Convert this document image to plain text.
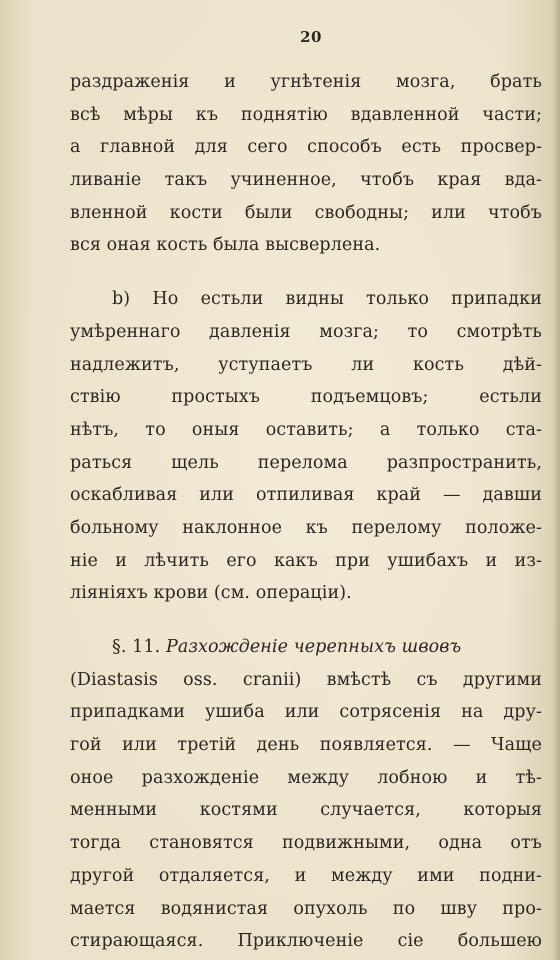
20
раздраженія и угнѣтенія мозга, брать
всѣ мѣры къ поднятію вдавленной части;
а главной для сего способъ есть просвер-
ливаніе такъ учиненное, чтобъ края вда-
вленной кости были свободны; или чтобъ
вся оная кость была высверлена.
b) Но естьли видны только припадки
умѣреннаго давленія мозга; то смотрѣть
надлежитъ, уступаетъ ли кость дѣй-
ствію простыхъ подъемцовъ; естьли
нѣтъ, то оныя оставить; а только ста-
раться щель перелома разпространить,
оскабливая или отпиливая край — давши
больному наклонное къ перелому положе-
ніе и лѣчить его какъ при ушибахъ и из-
ліяніяхъ крови (см. операціи).
§. 11. Разхожденіе черепныхъ швовъ
(Diastasis oss. cranii) вмѣстѣ съ другими
припадками ушиба или сотрясенія на дру-
гой или третій день появляется. — Чаще
оное разхожденіе между лобною и тѣ-
менными костями случается, которыя
тогда становятся подвижными, одна отъ
другой отдаляется, и между ими подни-
мается водянистая опухоль по шву про-
стирающаяся. Приключеніе сіе большею
